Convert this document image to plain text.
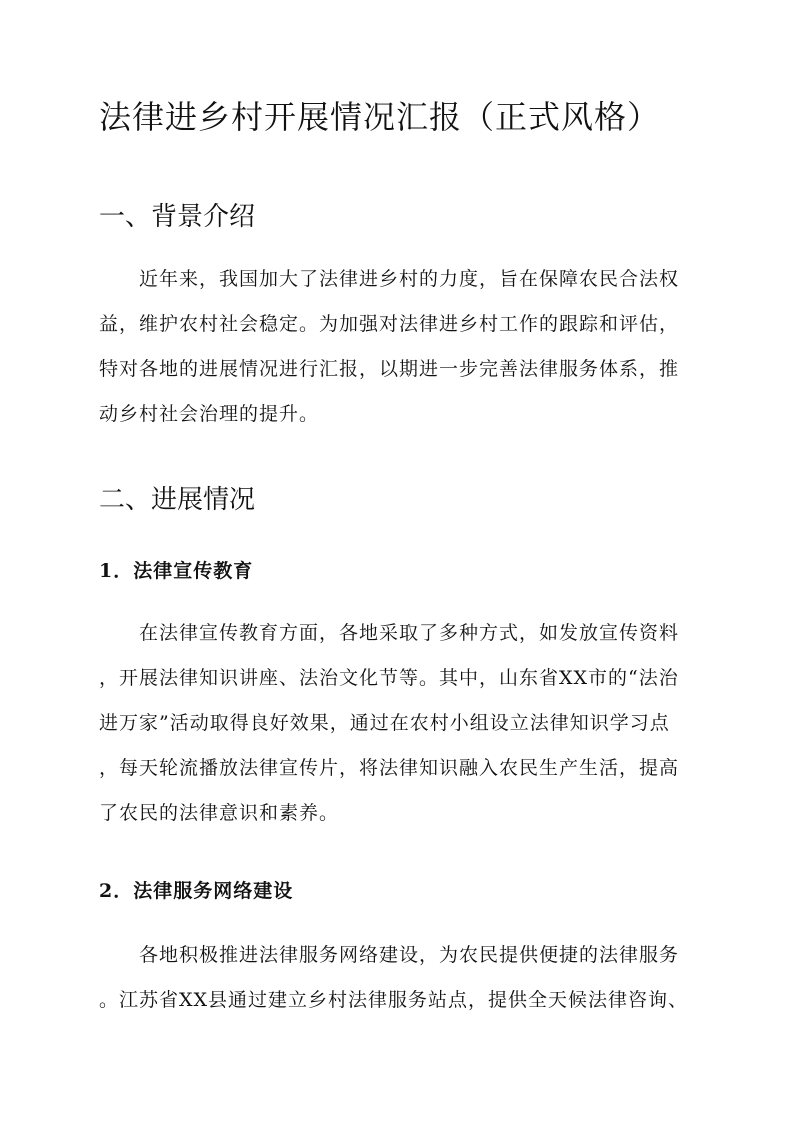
法律进乡村开展情况汇报（正式风格）
一、背景介绍
近年来，我国加大了法律进乡村的力度，旨在保障农民合法权
益，维护农村社会稳定。为加强对法律进乡村工作的跟踪和评估，
特对各地的进展情况进行汇报，以期进一步完善法律服务体系，推
动乡村社会治理的提升。
二、进展情况
1．法律宣传教育
在法律宣传教育方面，各地采取了多种方式，如发放宣传资料
，开展法律知识讲座、法治文化节等。其中，山东省XX市的“法治
进万家”活动取得良好效果，通过在农村小组设立法律知识学习点
，每天轮流播放法律宣传片，将法律知识融入农民生产生活，提高
了农民的法律意识和素养。
2．法律服务网络建设
各地积极推进法律服务网络建设，为农民提供便捷的法律服务
。江苏省XX县通过建立乡村法律服务站点，提供全天候法律咨询、
